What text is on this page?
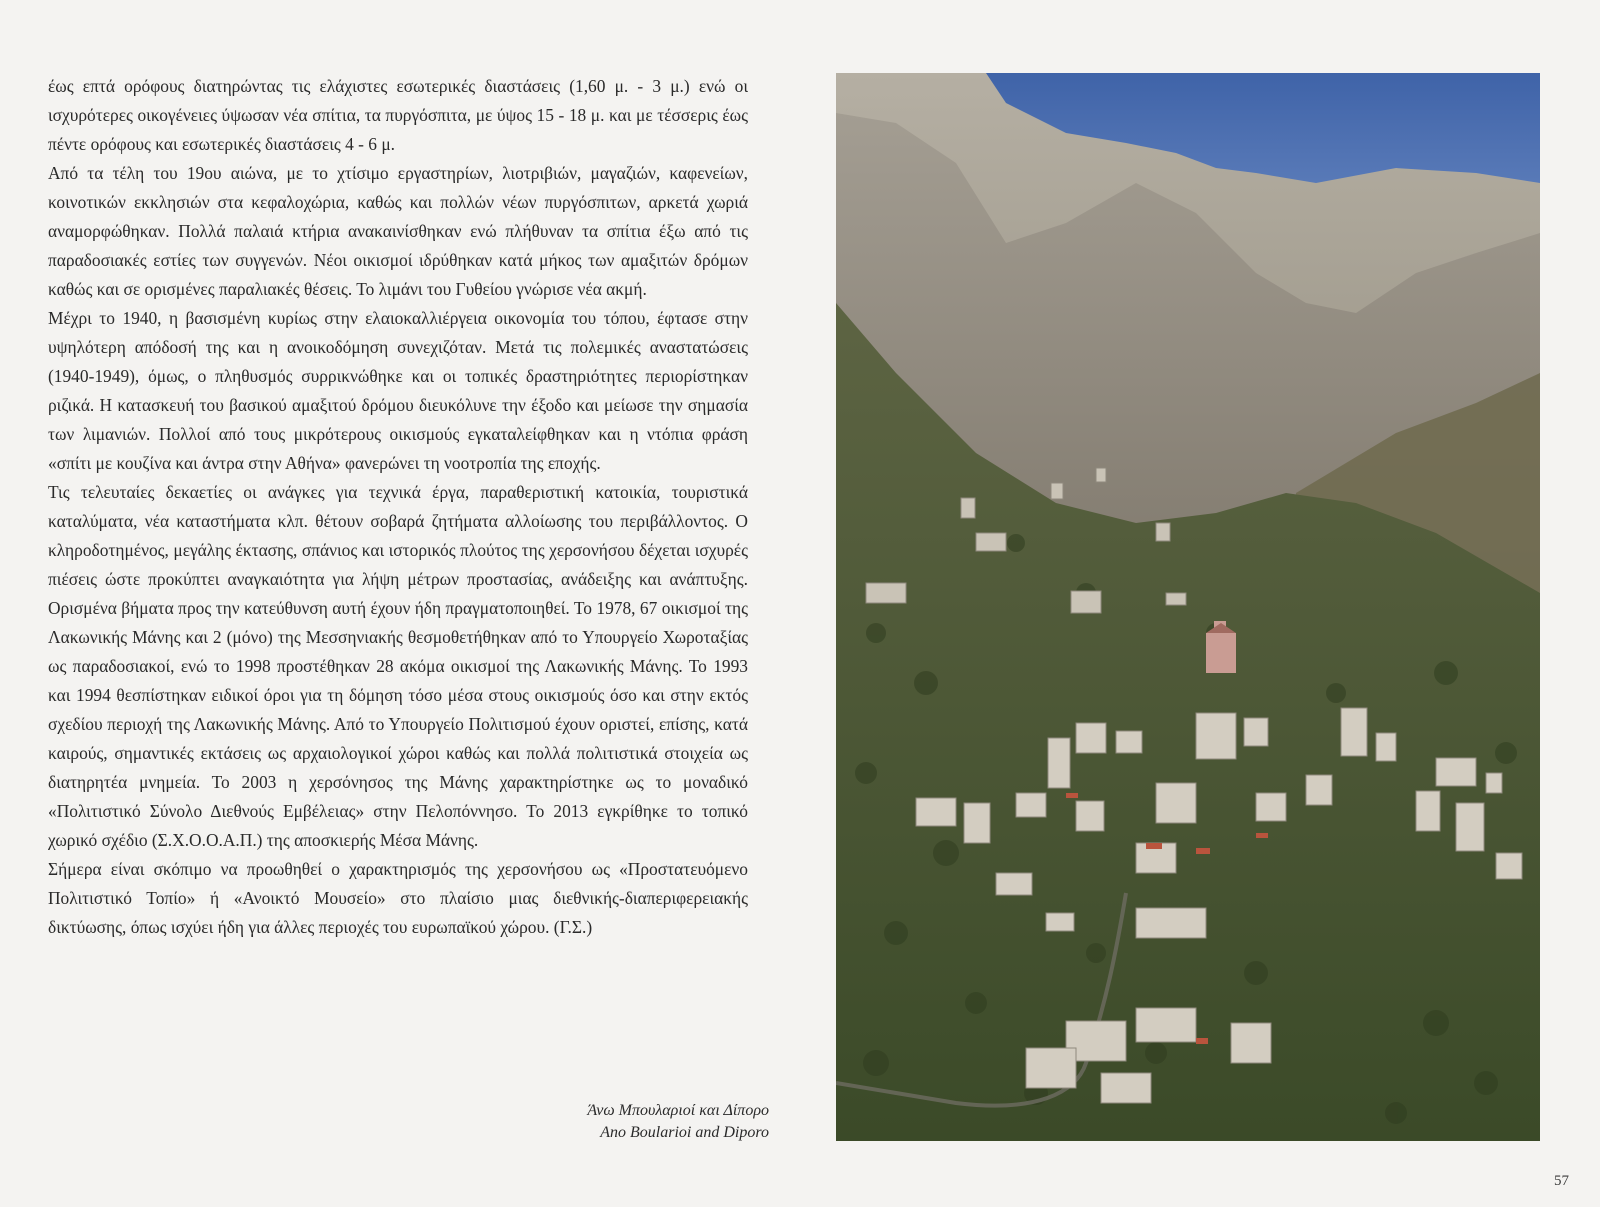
έως επτά ορόφους διατηρώντας τις ελάχιστες εσωτερικές διαστάσεις (1,60 μ. - 3 μ.) ενώ οι ισχυρότερες οικογένειες ύψωσαν νέα σπίτια, τα πυργόσπιτα, με ύψος 15 - 18 μ. και με τέσσερις έως πέντε ορόφους και εσωτερικές διαστάσεις 4 - 6 μ.

Από τα τέλη του 19ου αιώνα, με το χτίσιμο εργαστηρίων, λιοτριβιών, μαγαζιών, καφενείων, κοινοτικών εκκλησιών στα κεφαλοχώρια, καθώς και πολλών νέων πυργόσπιτων, αρκετά χωριά αναμορφώθηκαν. Πολλά παλαιά κτήρια ανακαινίσθηκαν ενώ πλήθυναν τα σπίτια έξω από τις παραδοσιακές εστίες των συγγενών. Νέοι οικισμοί ιδρύθηκαν κατά μήκος των αμαξιτών δρόμων καθώς και σε ορισμένες παραλιακές θέσεις. Το λιμάνι του Γυθείου γνώρισε νέα ακμή.

Μέχρι το 1940, η βασισμένη κυρίως στην ελαιοκαλλιέργεια οικονομία του τόπου, έφτασε στην υψηλότερη απόδοσή της και η ανοικοδόμηση συνεχιζόταν. Μετά τις πολεμικές αναστατώσεις (1940-1949), όμως, ο πληθυσμός συρρικνώθηκε και οι τοπικές δραστηριότητες περιορίστηκαν ριζικά. Η κατασκευή του βασικού αμαξιτού δρόμου διευκόλυνε την έξοδο και μείωσε την σημασία των λιμανιών. Πολλοί από τους μικρότερους οικισμούς εγκαταλείφθηκαν και η ντόπια φράση «σπίτι με κουζίνα και άντρα στην Αθήνα» φανερώνει τη νοοτροπία της εποχής.

Τις τελευταίες δεκαετίες οι ανάγκες για τεχνικά έργα, παραθεριστική κατοικία, τουριστικά καταλύματα, νέα καταστήματα κλπ. θέτουν σοβαρά ζητήματα αλλοίωσης του περιβάλλοντος. Ο κληροδοτημένος, μεγάλης έκτασης, σπάνιος και ιστορικός πλούτος της χερσονήσου δέχεται ισχυρές πιέσεις ώστε προκύπτει αναγκαιότητα για λήψη μέτρων προστασίας, ανάδειξης και ανάπτυξης. Ορισμένα βήματα προς την κατεύθυνση αυτή έχουν ήδη πραγματοποιηθεί. Το 1978, 67 οικισμοί της Λακωνικής Μάνης και 2 (μόνο) της Μεσσηνιακής θεσμοθετήθηκαν από το Υπουργείο Χωροταξίας ως παραδοσιακοί, ενώ το 1998 προστέθηκαν 28 ακόμα οικισμοί της Λακωνικής Μάνης. Το 1993 και 1994 θεσπίστηκαν ειδικοί όροι για τη δόμηση τόσο μέσα στους οικισμούς όσο και στην εκτός σχεδίου περιοχή της Λακωνικής Μάνης. Από το Υπουργείο Πολιτισμού έχουν οριστεί, επίσης, κατά καιρούς, σημαντικές εκτάσεις ως αρχαιολογικοί χώροι καθώς και πολλά πολιτιστικά στοιχεία ως διατηρητέα μνημεία. Το 2003 η χερσόνησος της Μάνης χαρακτηρίστηκε ως το μοναδικό «Πολιτιστικό Σύνολο Διεθνούς Εμβέλειας» στην Πελοπόννησο. Το 2013 εγκρίθηκε το τοπικό χωρικό σχέδιο (Σ.Χ.Ο.Ο.Α.Π.) της αποσκιερής Μέσα Μάνης.

Σήμερα είναι σκόπιμο να προωθηθεί ο χαρακτηρισμός της χερσονήσου ως «Προστατευόμενο Πολιτιστικό Τοπίο» ή «Ανοικτό Μουσείο» στο πλαίσιο μιας διεθνικής-διαπεριφερειακής δικτύωσης, όπως ισχύει ήδη για άλλες περιοχές του ευρωπαϊκού χώρου. (Γ.Σ.)

Άνω Μπουλαριοί και Δίπορο
Ano Boularioi and Diporo
57
